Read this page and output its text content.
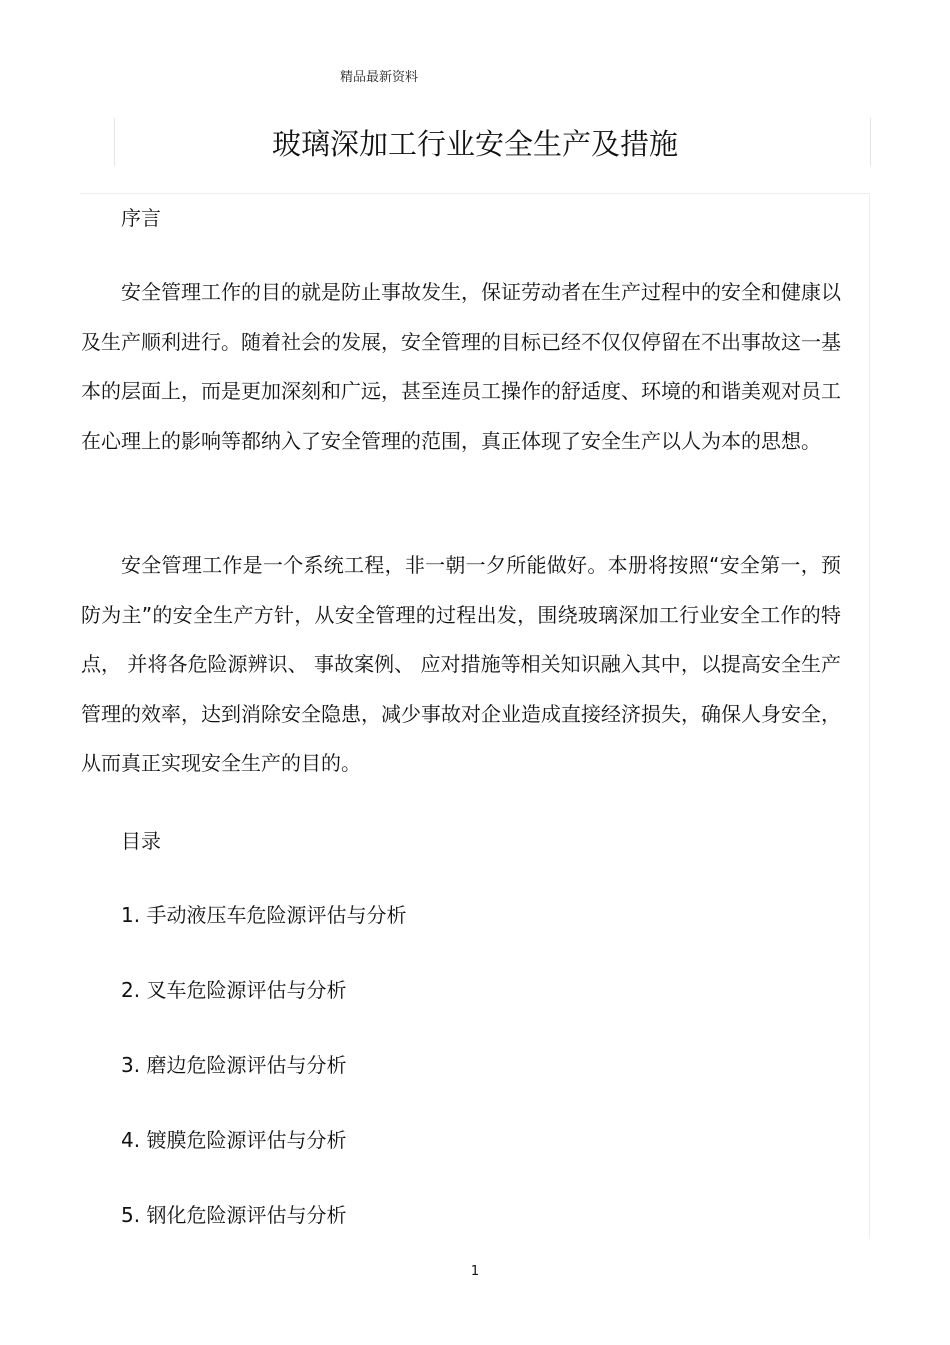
精品最新资料
玻璃深加工行业安全生产及措施
序言

安全管理工作的目的就是防止事故发生，保证劳动者在生产过程中的安全和健康以及生产顺利进行。随着社会的发展，安全管理的目标已经不仅仅停留在不出事故这一基本的层面上，而是更加深刻和广远，甚至连员工操作的舒适度、环境的和谐美观对员工在心理上的影响等都纳入了安全管理的范围，真正体现了安全生产以人为本的思想。

安全管理工作是一个系统工程，非一朝一夕所能做好。本册将按照“安全第一，预防为主”的安全生产方针，从安全管理的过程出发，围绕玻璃深加工行业安全工作的特点， 并将各危险源辨识、 事故案例、 应对措施等相关知识融入其中，以提高安全生产管理的效率，达到消除安全隐患，减少事故对企业造成直接经济损失，确保人身安全，从而真正实现安全生产的目的。

目录
1. 手动液压车危险源评估与分析
2. 叉车危险源评估与分析
3. 磨边危险源评估与分析
4. 镀膜危险源评估与分析
5. 钢化危险源评估与分析
1
